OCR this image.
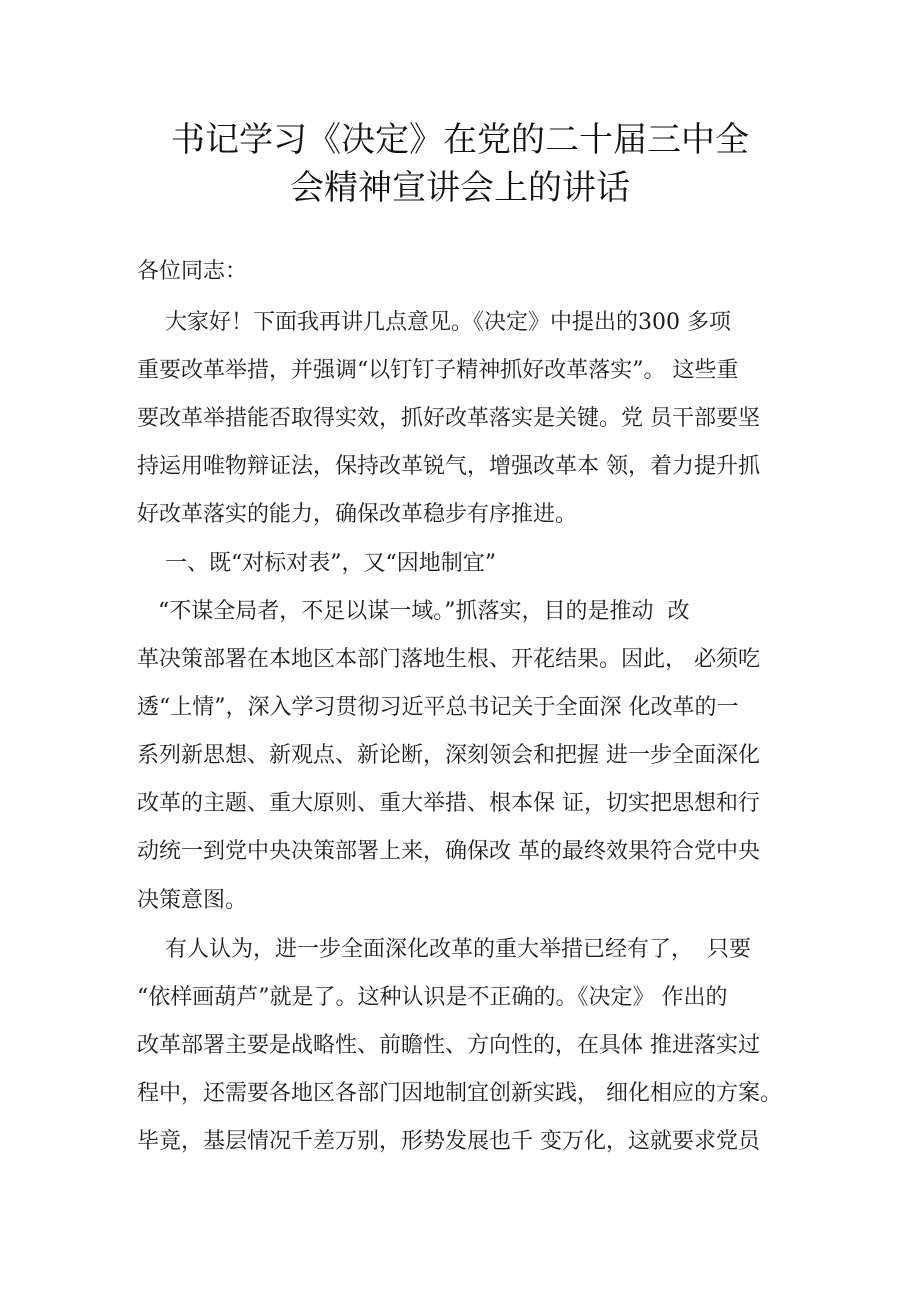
书记学习《决定》在党的二十届三中全
会精神宣讲会上的讲话

各位同志：

大家好！下面我再讲几点意见。《决定》中提出的300 多项

重要改革举措，并强调“以钉钉子精神抓好改革落实”。 这些重

要改革举措能否取得实效，抓好改革落实是关键。党 员干部要坚

持运用唯物辩证法，保持改革锐气，增强改革本 领，着力提升抓

好改革落实的能力，确保改革稳步有序推进。

一、既“对标对表”，又“因地制宜”

“不谋全局者，不足以谋一域。”抓落实，目的是推动  改

革决策部署在本地区本部门落地生根、开花结果。因此， 必须吃

透“上情”，深入学习贯彻习近平总书记关于全面深 化改革的一

系列新思想、新观点、新论断，深刻领会和把握 进一步全面深化

改革的主题、重大原则、重大举措、根本保 证，切实把思想和行

动统一到党中央决策部署上来，确保改 革的最终效果符合党中央

决策意图。

有人认为，进一步全面深化改革的重大举措已经有了，  只要

“依样画葫芦”就是了。这种认识是不正确的。《决定》 作出的

改革部署主要是战略性、前瞻性、方向性的，在具体 推进落实过

程中，还需要各地区各部门因地制宜创新实践， 细化相应的方案。

毕竟，基层情况千差万别，形势发展也千 变万化，这就要求党员
